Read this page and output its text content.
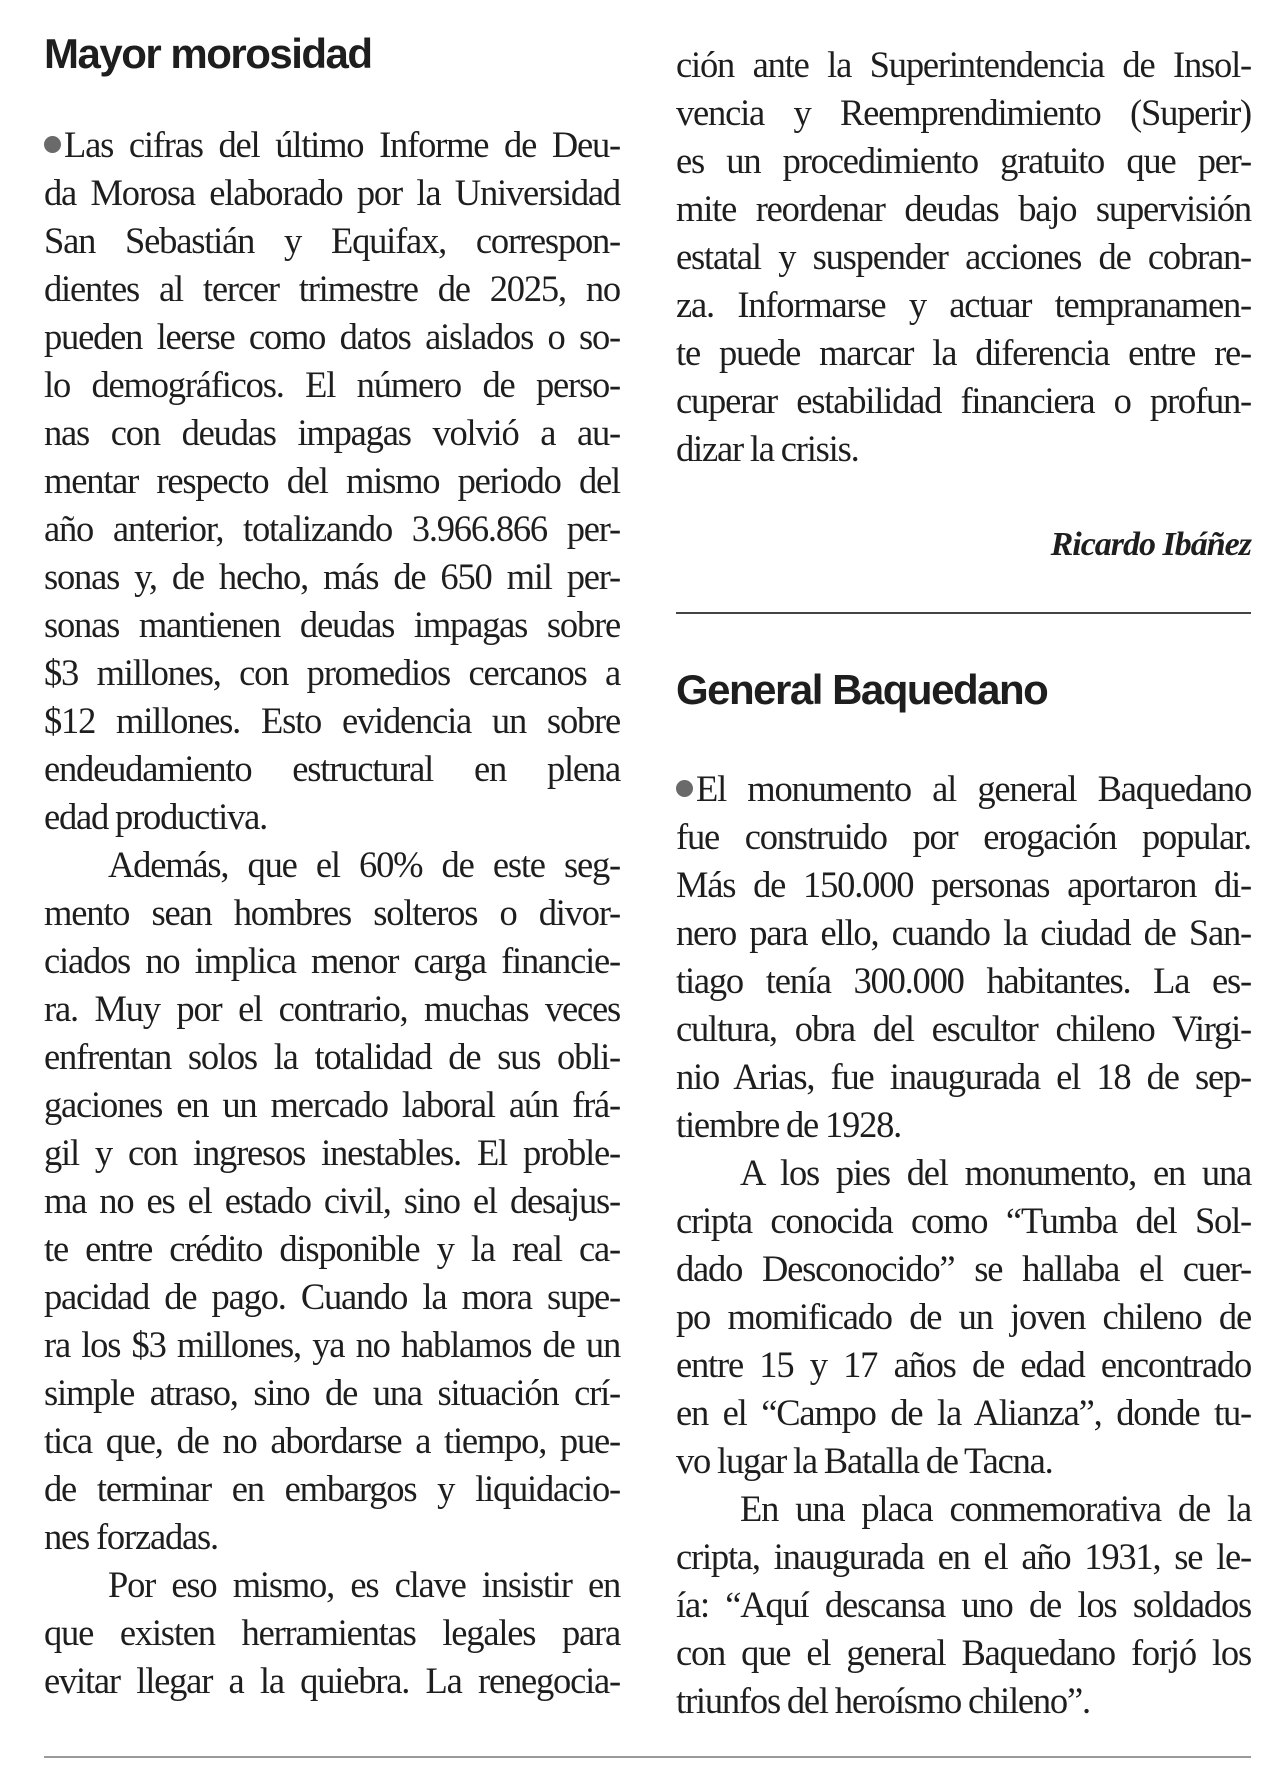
Mayor morosidad

Las cifras del último Informe de Deu-
da Morosa elaborado por la Universidad
San Sebastián y Equifax, correspon-
dientes al tercer trimestre de 2025, no
pueden leerse como datos aislados o so-
lo demográficos. El número de perso-
nas con deudas impagas volvió a au-
mentar respecto del mismo periodo del
año anterior, totalizando 3.966.866 per-
sonas y, de hecho, más de 650 mil per-
sonas mantienen deudas impagas sobre
$3 millones, con promedios cercanos a
$12 millones. Esto evidencia un sobre
endeudamiento estructural en plena
edad productiva.

Además, que el 60% de este seg-
mento sean hombres solteros o divor-
ciados no implica menor carga financie-
ra. Muy por el contrario, muchas veces
enfrentan solos la totalidad de sus obli-
gaciones en un mercado laboral aún frá-
gil y con ingresos inestables. El proble-
ma no es el estado civil, sino el desajus-
te entre crédito disponible y la real ca-
pacidad de pago. Cuando la mora supe-
ra los $3 millones, ya no hablamos de un
simple atraso, sino de una situación crí-
tica que, de no abordarse a tiempo, pue-
de terminar en embargos y liquidacio-
nes forzadas.

Por eso mismo, es clave insistir en
que existen herramientas legales para
evitar llegar a la quiebra. La renegocia-

ción ante la Superintendencia de Insol-
vencia y Reemprendimiento (Superir)
es un procedimiento gratuito que per-
mite reordenar deudas bajo supervisión
estatal y suspender acciones de cobran-
za. Informarse y actuar tempranamen-
te puede marcar la diferencia entre re-
cuperar estabilidad financiera o profun-
dizar la crisis.

Ricardo Ibáñez
General Baquedano

El monumento al general Baquedano
fue construido por erogación popular.
Más de 150.000 personas aportaron di-
nero para ello, cuando la ciudad de San-
tiago tenía 300.000 habitantes. La es-
cultura, obra del escultor chileno Virgi-
nio Arias, fue inaugurada el 18 de sep-
tiembre de 1928.

A los pies del monumento, en una
cripta conocida como “Tumba del Sol-
dado Desconocido” se hallaba el cuer-
po momificado de un joven chileno de
entre 15 y 17 años de edad encontrado
en el “Campo de la Alianza”, donde tu-
vo lugar la Batalla de Tacna.

En una placa conmemorativa de la
cripta, inaugurada en el año 1931, se le-
ía: “Aquí descansa uno de los soldados
con que el general Baquedano forjó los
triunfos del heroísmo chileno”.
